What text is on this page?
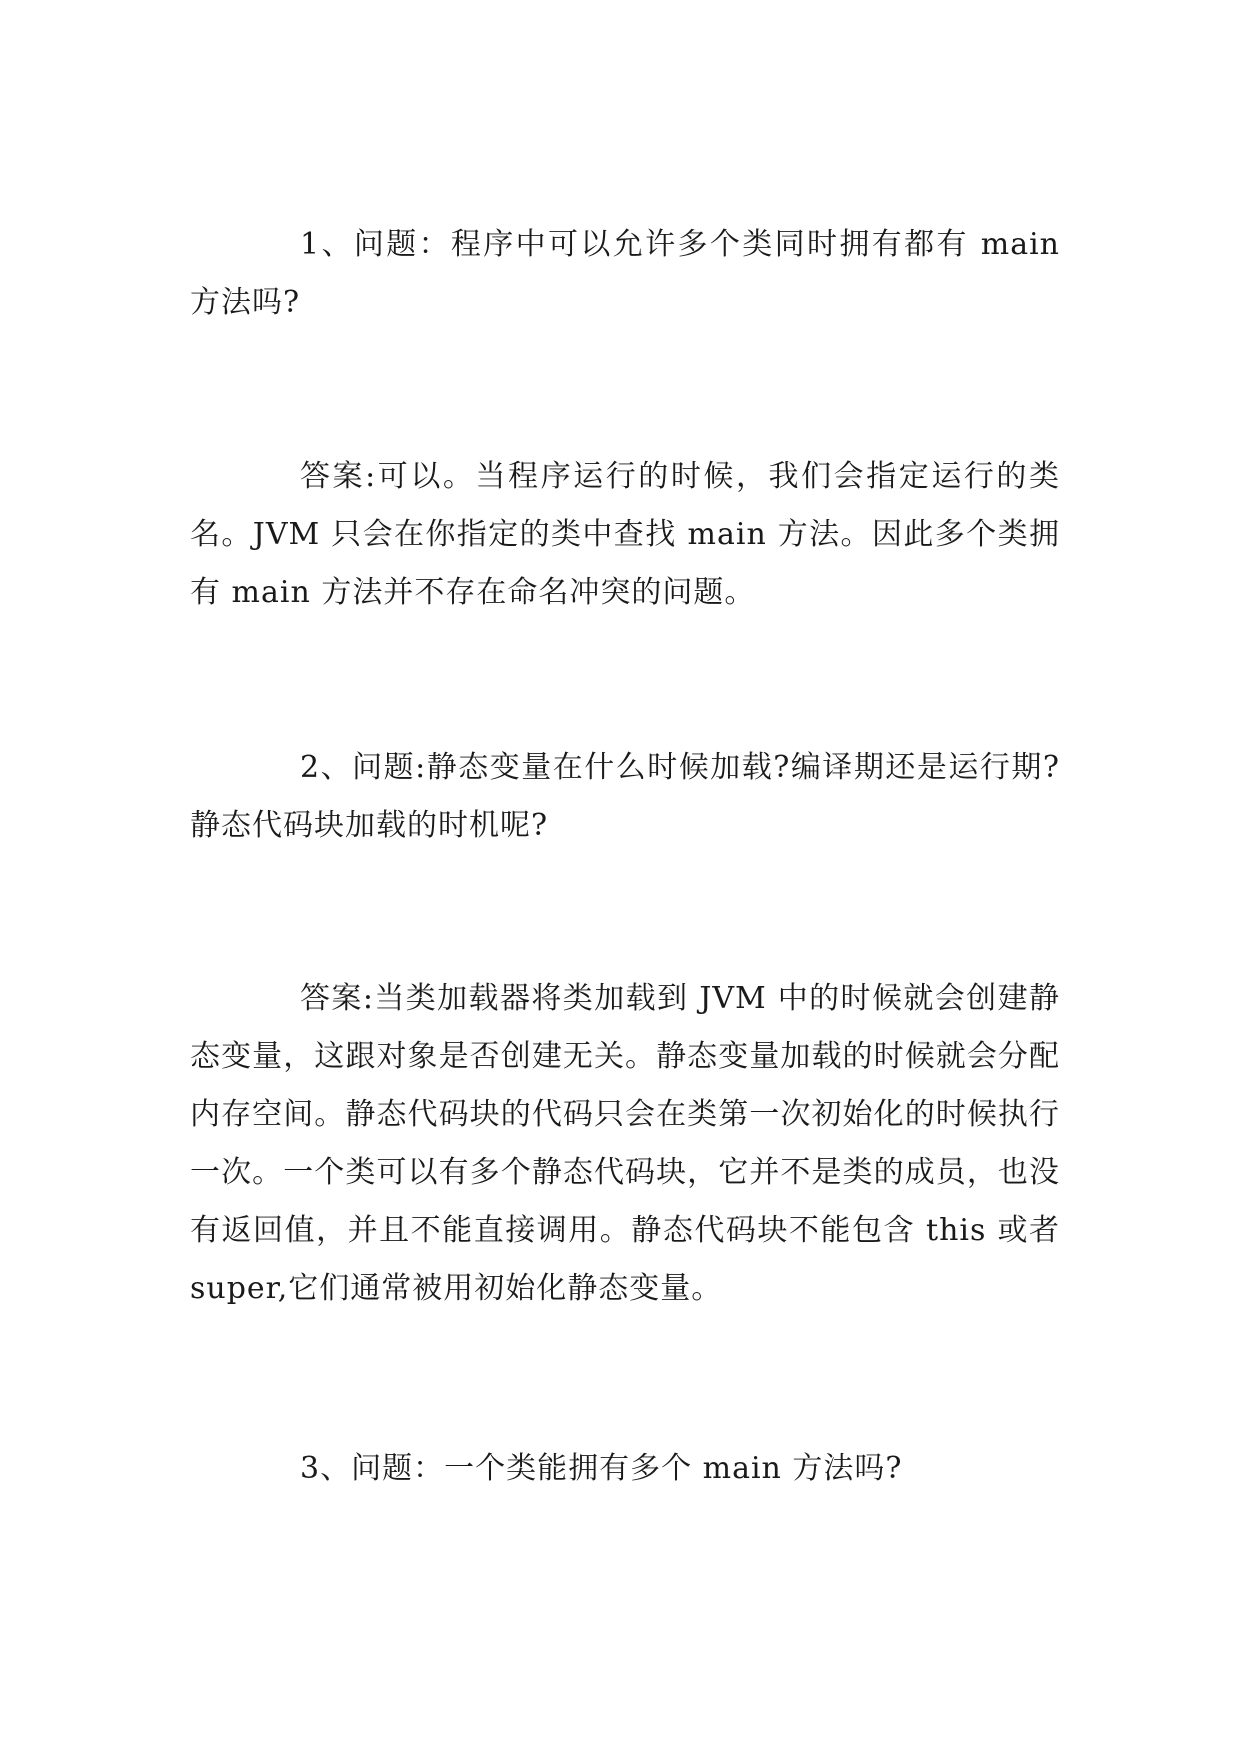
1、问题：程序中可以允许多个类同时拥有都有 main 方法吗?

答案:可以。当程序运行的时候，我们会指定运行的类名。JVM 只会在你指定的类中查找 main 方法。因此多个类拥有 main 方法并不存在命名冲突的问题。

2、问题:静态变量在什么时候加载?编译期还是运行期?静态代码块加载的时机呢?

答案:当类加载器将类加载到 JVM 中的时候就会创建静态变量，这跟对象是否创建无关。静态变量加载的时候就会分配内存空间。静态代码块的代码只会在类第一次初始化的时候执行一次。一个类可以有多个静态代码块，它并不是类的成员，也没有返回值，并且不能直接调用。静态代码块不能包含 this 或者 super,它们通常被用初始化静态变量。

3、问题：一个类能拥有多个 main 方法吗?
